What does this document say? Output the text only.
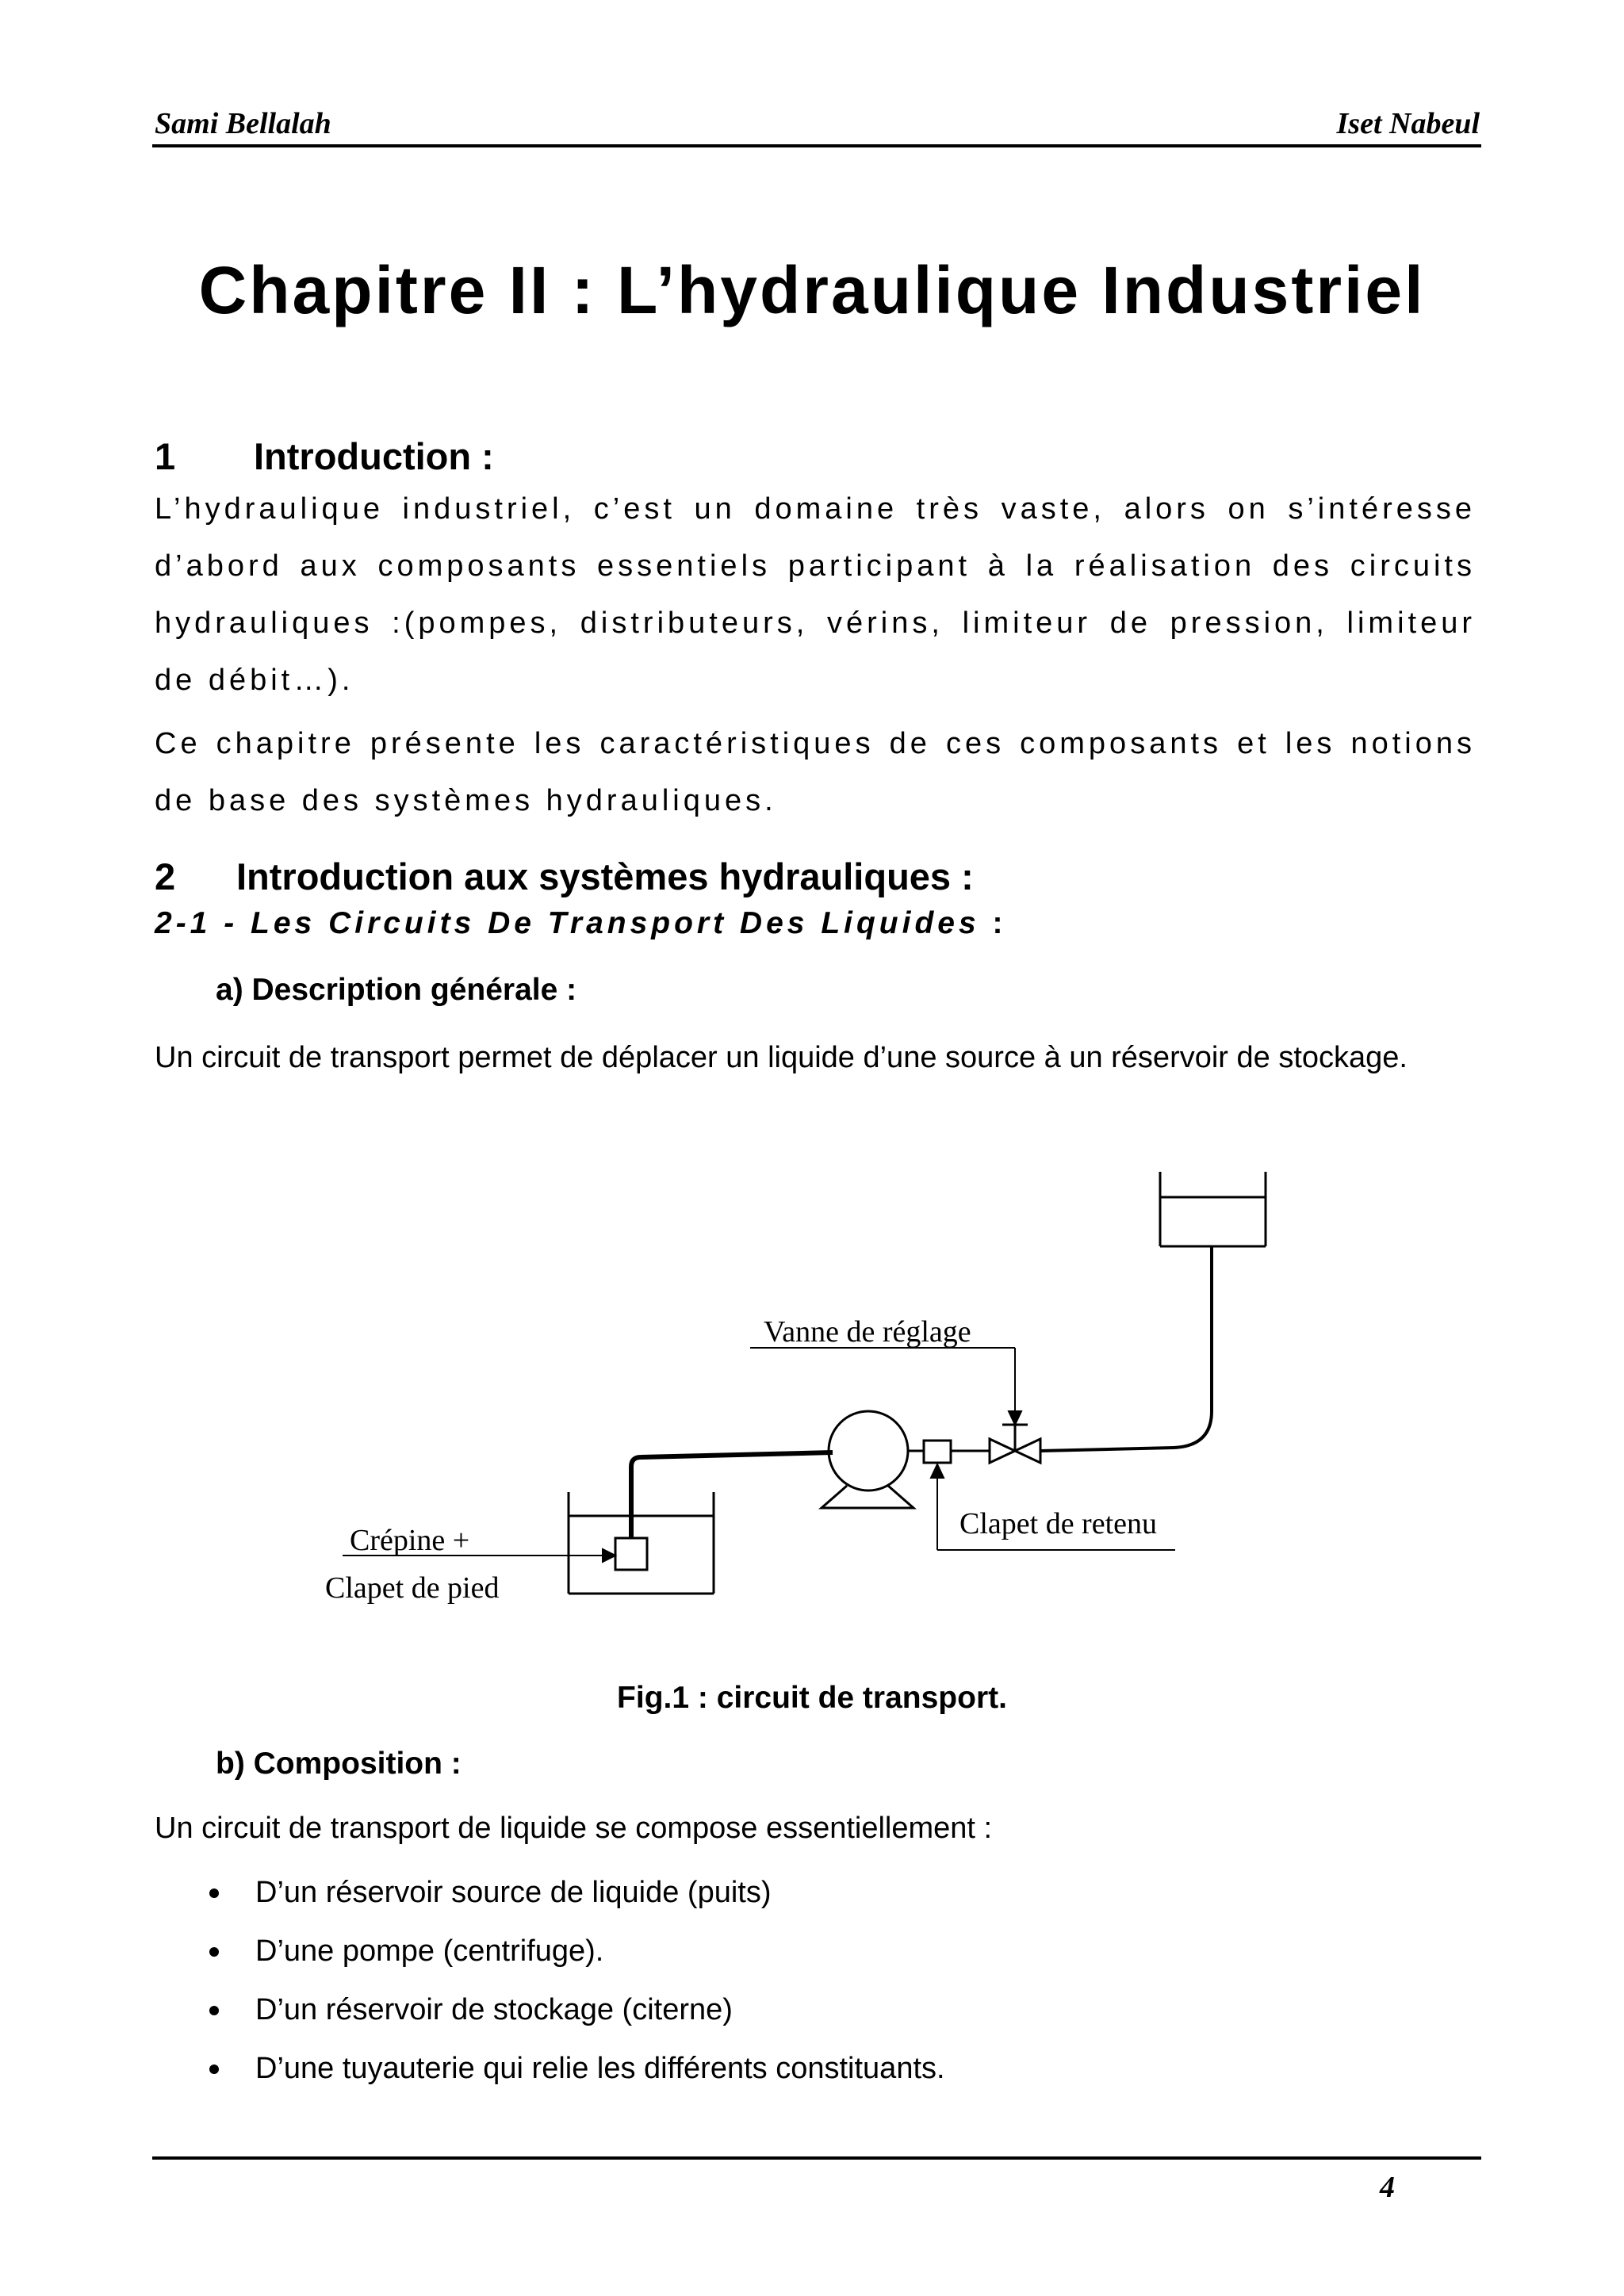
Sami Bellalah	Iset Nabeul
Chapitre II : L’hydraulique Industriel
1 Introduction :
L’hydraulique industriel, c’est un domaine très vaste, alors on s’intéresse d’abord aux composants essentiels participant à la réalisation des circuits hydrauliques :(pompes, distributeurs, vérins, limiteur de pression, limiteur de débit…).
Ce chapitre présente les caractéristiques de ces composants et les notions de base des systèmes hydrauliques.
2 Introduction aux systèmes hydrauliques :
2-1 - Les Circuits De Transport Des Liquides :
a) Description générale :
Un circuit de transport permet de déplacer un liquide d’une source à un réservoir de stockage.
Vanne de réglage
Clapet de retenu
Crépine +
Clapet de pied
Fig.1 : circuit de transport.
b) Composition :
Un circuit de transport de liquide se compose essentiellement :
D’un réservoir source de liquide (puits)
D’une pompe (centrifuge).
D’un réservoir de stockage (citerne)
D’une tuyauterie qui relie les différents constituants.
4
